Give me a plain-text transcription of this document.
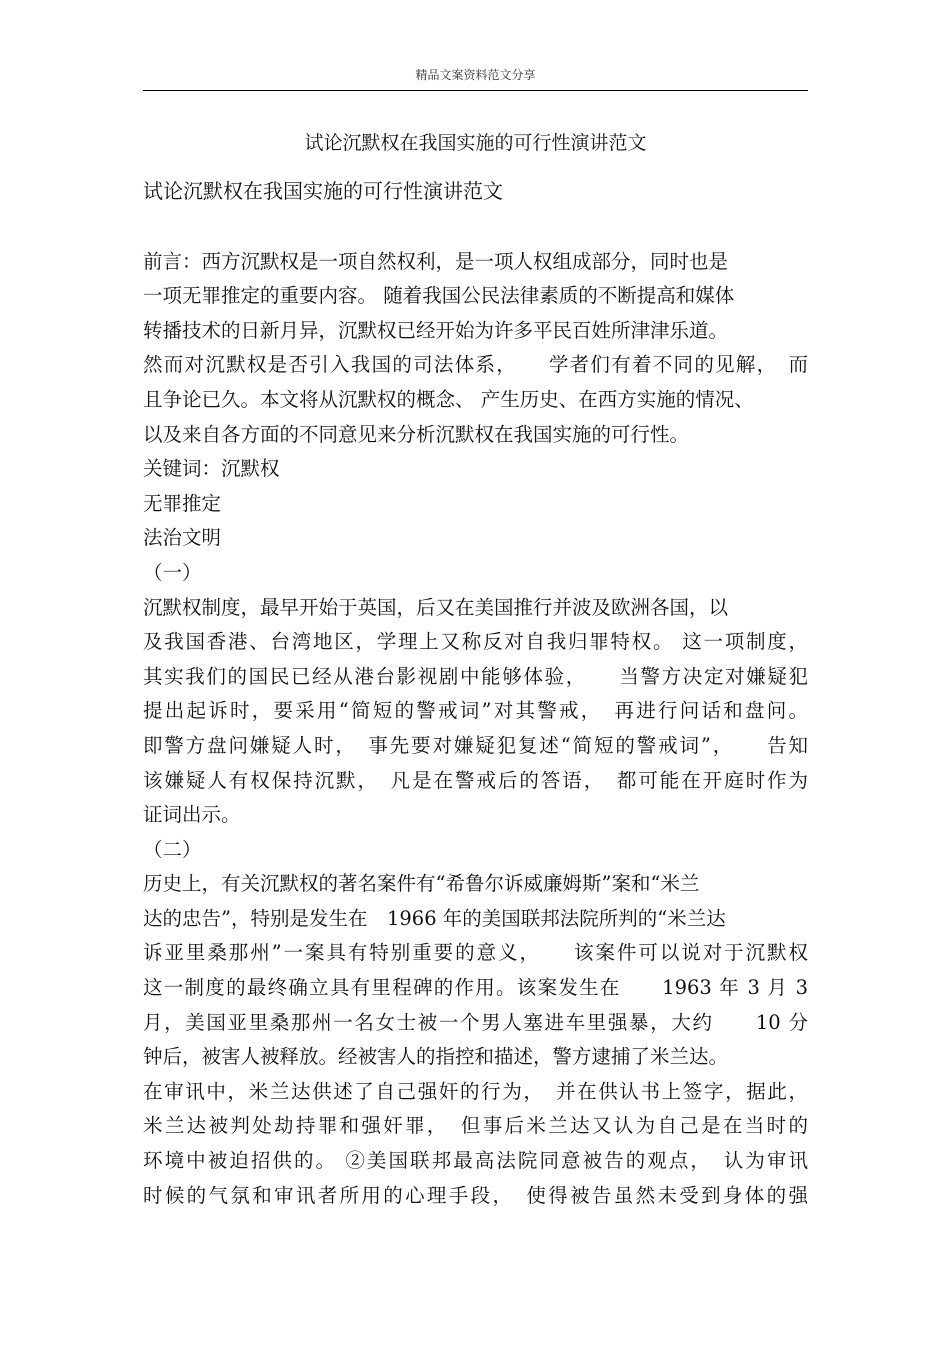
精品文案资料范文分享
试论沉默权在我国实施的可行性演讲范文
试论沉默权在我国实施的可行性演讲范文
前言：西方沉默权是一项自然权利，是一项人权组成部分，同时也是
一项无罪推定的重要内容。 随着我国公民法律素质的不断提高和媒体
转播技术的日新月异，沉默权已经开始为许多平民百姓所津津乐道。
然而对沉默权是否引入我国的司法体系，　　学者们有着不同的见解，　而
且争论已久。本文将从沉默权的概念、 产生历史、在西方实施的情况、
以及来自各方面的不同意见来分析沉默权在我国实施的可行性。
关键词：沉默权
无罪推定
法治文明
（一）
沉默权制度，最早开始于英国，后又在美国推行并波及欧洲各国，以
及我国香港、台湾地区，学理上又称反对自我归罪特权。 这一项制度，
其实我们的国民已经从港台影视剧中能够体验，　　当警方决定对嫌疑犯
提出起诉时，要采用“简短的警戒词”对其警戒，　再进行问话和盘问。
即警方盘问嫌疑人时，　事先要对嫌疑犯复述“简短的警戒词”，　　告知
该嫌疑人有权保持沉默，　凡是在警戒后的答语，　都可能在开庭时作为
证词出示。
（二）
历史上，有关沉默权的著名案件有“希鲁尔诉威廉姆斯”案和“米兰
达的忠告”，特别是发生在　1966 年的美国联邦法院所判的“米兰达
诉亚里桑那州”一案具有特别重要的意义，　　该案件可以说对于沉默权
这一制度的最终确立具有里程碑的作用。该案发生在　　1963 年 3 月 3
月，美国亚里桑那州一名女士被一个男人塞进车里强暴，大约　　10 分
钟后，被害人被释放。经被害人的指控和描述，警方逮捕了米兰达。
在审讯中，米兰达供述了自己强奸的行为，　并在供认书上签字，据此，
米兰达被判处劫持罪和强奸罪，　但事后米兰达又认为自己是在当时的
环境中被迫招供的。 ②美国联邦最高法院同意被告的观点，　认为审讯
时候的气氛和审讯者所用的心理手段，　使得被告虽然未受到身体的强
